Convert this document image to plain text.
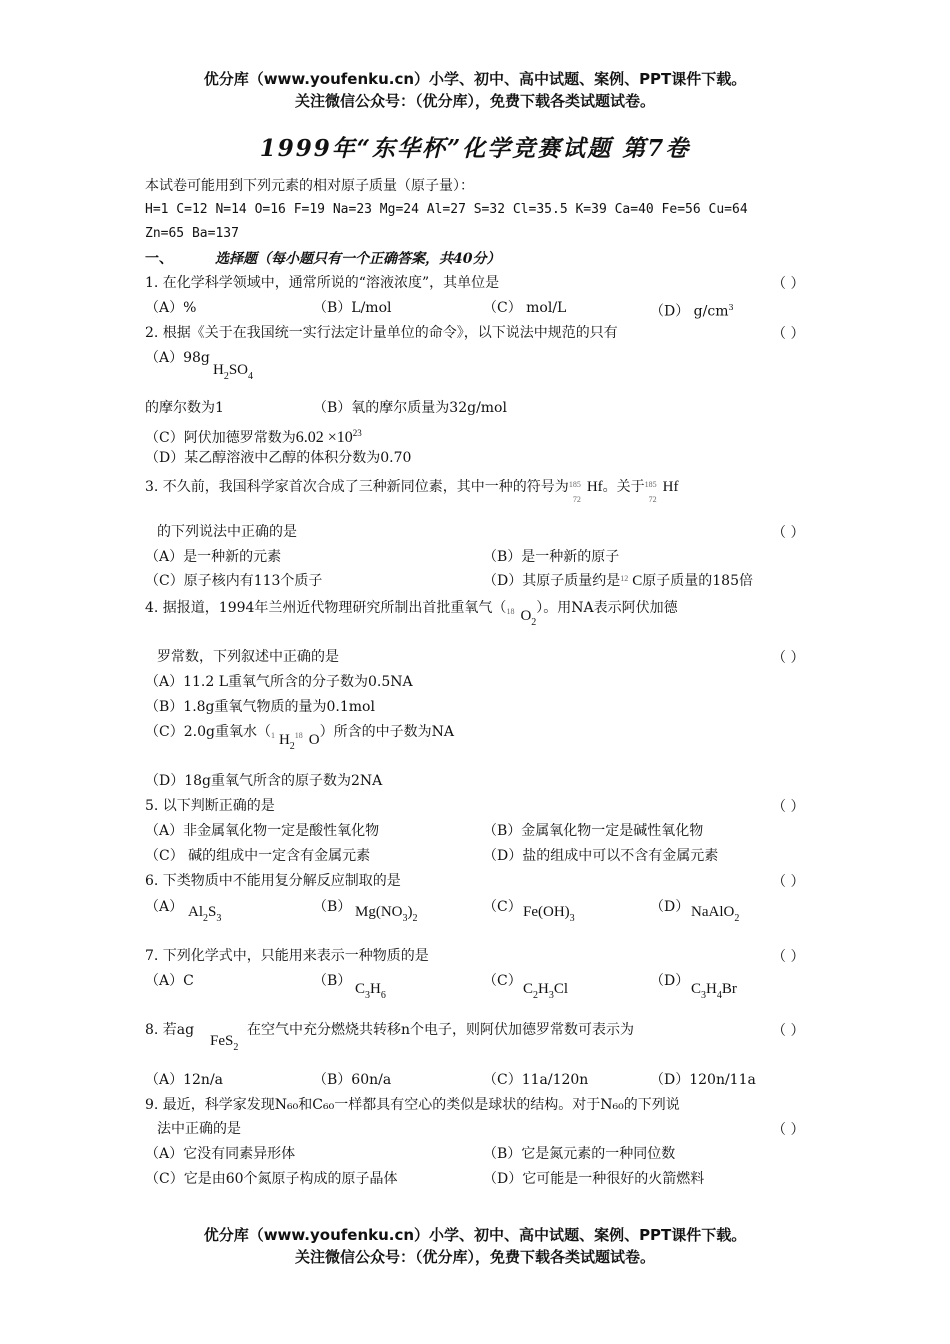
优分库（www.youfenku.cn）小学、初中、高中试题、案例、PPT课件下载。
关注微信公众号：（优分库），免费下载各类试题试卷。
1999年“东华杯”化学竞赛试题 第7卷
本试卷可能用到下列元素的相对原子质量（原子量）：
H=1 C=12 N=14 O=16 F=19 Na=23 Mg=24 Al=27 S=32 Cl=35.5 K=39 Ca=40 Fe=56 Cu=64
Zn=65 Ba=137
一、	选择题（每小题只有一个正确答案，共40分）
1. 在化学科学领域中，通常所说的“溶液浓度”，其单位是	（ ）
（A）%	（B）L/mol	（C） mol/L	（D） $g/cm^3$
2. 根据《关于在我国统一实行法定计量单位的命令》，以下说法中规范的只有	（ ）
（A）98g
$H_2SO_4$
的摩尔数为1	（B）氧的摩尔质量为32g/mol
（C）阿伏加德罗常数为$6.02 \times 10^{23}$
（D）某乙醇溶液中乙醇的体积分数为0.70
3. 不久前，我国科学家首次合成了三种新同位素，其中一种的符号为 185
72
Hf。关于 185
72
Hf
的下列说法中正确的是	（ ）
（A）是一种新的元素	（B）是一种新的原子
（C）原子核内有113个质子	（D）其原子质量约是 12 C原子质量的185倍
4. 据报道，1994年兰州近代物理研究所制出首批重氧气（ 18 $O_2$）。用NA表示阿伏加德
罗常数，下列叙述中正确的是	（ ）
（A）11.2 L重氧气所含的分子数为0.5NA
（B）1.8g重氧气物质的量为0.1mol
（C）2.0g重氧水（ 1 $H_2$
18 O）所含的中子数为NA
（D）18g重氧气所含的原子数为2NA
5. 以下判断正确的是	（ ）
（A）非金属氧化物一定是酸性氧化物	（B）金属氧化物一定是碱性氧化物
（C） 碱的组成中一定含有金属元素	（D）盐的组成中可以不含有金属元素
6. 下类物质中不能用复分解反应制取的是	（ ）
（A） $Al_2S_3$
（B） $Mg(NO_3)_2$
（C） $Fe(OH)_3$
（D） NaAlO$_2$
7. 下列化学式中，只能用来表示一种物质的是	（ ）
（A）C	（B） $C_3H_6$
（C） $C_2H_3Cl$	（D） $C_3H_4Br$
8. 若ag
FeS$_2$
在空气中充分燃烧共转移n个电子，则阿伏加德罗常数可表示为	（ ）
（A）12n/a	（B）60n/a	（C）11a/120n	（D）120n/11a
9. 最近，科学家发现N₆₀和C₆₀一样都具有空心的类似是球状的结构。对于N₆₀的下列说
法中正确的是	（ ）
（A）它没有同素异形体	（B）它是氮元素的一种同位数
（C）它是由60个氮原子构成的原子晶体	（D）它可能是一种很好的火箭燃料
优分库（www.youfenku.cn）小学、初中、高中试题、案例、PPT课件下载。
关注微信公众号：（优分库），免费下载各类试题试卷。
